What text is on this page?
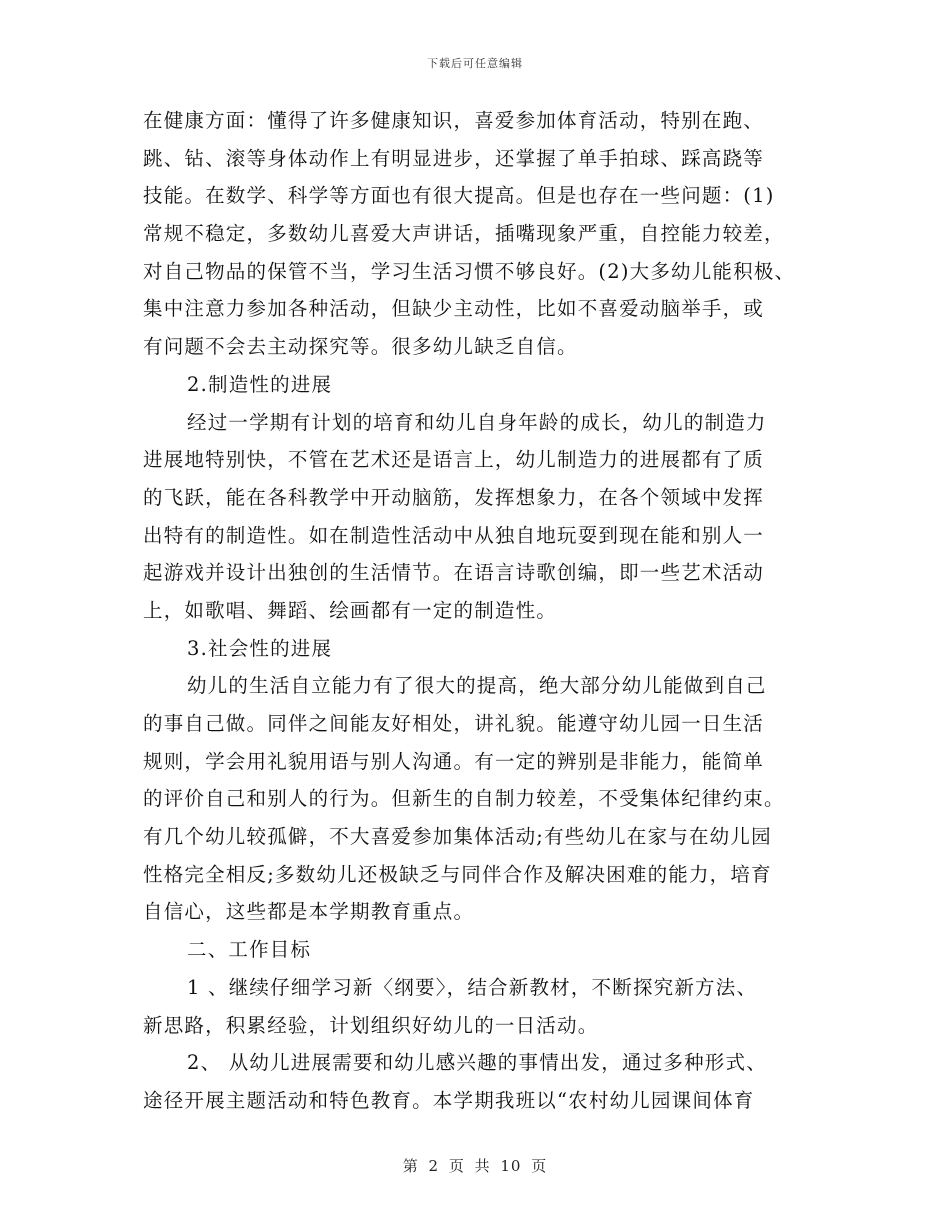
下载后可任意编辑
在健康方面：懂得了许多健康知识，喜爱参加体育活动，特别在跑、
跳、钻、滚等身体动作上有明显进步，还掌握了单手拍球、踩高跷等
技能。在数学、科学等方面也有很大提高。但是也存在一些问题：(1)
常规不稳定，多数幼儿喜爱大声讲话，插嘴现象严重，自控能力较差，
对自己物品的保管不当，学习生活习惯不够良好。(2)大多幼儿能积极、
集中注意力参加各种活动，但缺少主动性，比如不喜爱动脑举手，或
有问题不会去主动探究等。很多幼儿缺乏自信。
2.制造性的进展
经过一学期有计划的培育和幼儿自身年龄的成长，幼儿的制造力
进展地特别快，不管在艺术还是语言上，幼儿制造力的进展都有了质
的飞跃，能在各科教学中开动脑筋，发挥想象力，在各个领域中发挥
出特有的制造性。如在制造性活动中从独自地玩耍到现在能和别人一
起游戏并设计出独创的生活情节。在语言诗歌创编，即一些艺术活动
上，如歌唱、舞蹈、绘画都有一定的制造性。
3.社会性的进展
幼儿的生活自立能力有了很大的提高，绝大部分幼儿能做到自己
的事自己做。同伴之间能友好相处，讲礼貌。能遵守幼儿园一日生活
规则，学会用礼貌用语与别人沟通。有一定的辨别是非能力，能简单
的评价自己和别人的行为。但新生的自制力较差，不受集体纪律约束。
有几个幼儿较孤僻，不大喜爱参加集体活动;有些幼儿在家与在幼儿园
性格完全相反;多数幼儿还极缺乏与同伴合作及解决困难的能力，培育
自信心，这些都是本学期教育重点。
二、工作目标
1 、继续仔细学习新〈纲要〉，结合新教材，不断探究新方法、
新思路，积累经验，计划组织好幼儿的一日活动。
2、 从幼儿进展需要和幼儿感兴趣的事情出发，通过多种形式、
途径开展主题活动和特色教育。本学期我班以“农村幼儿园课间体育
第 2 页 共 10 页
